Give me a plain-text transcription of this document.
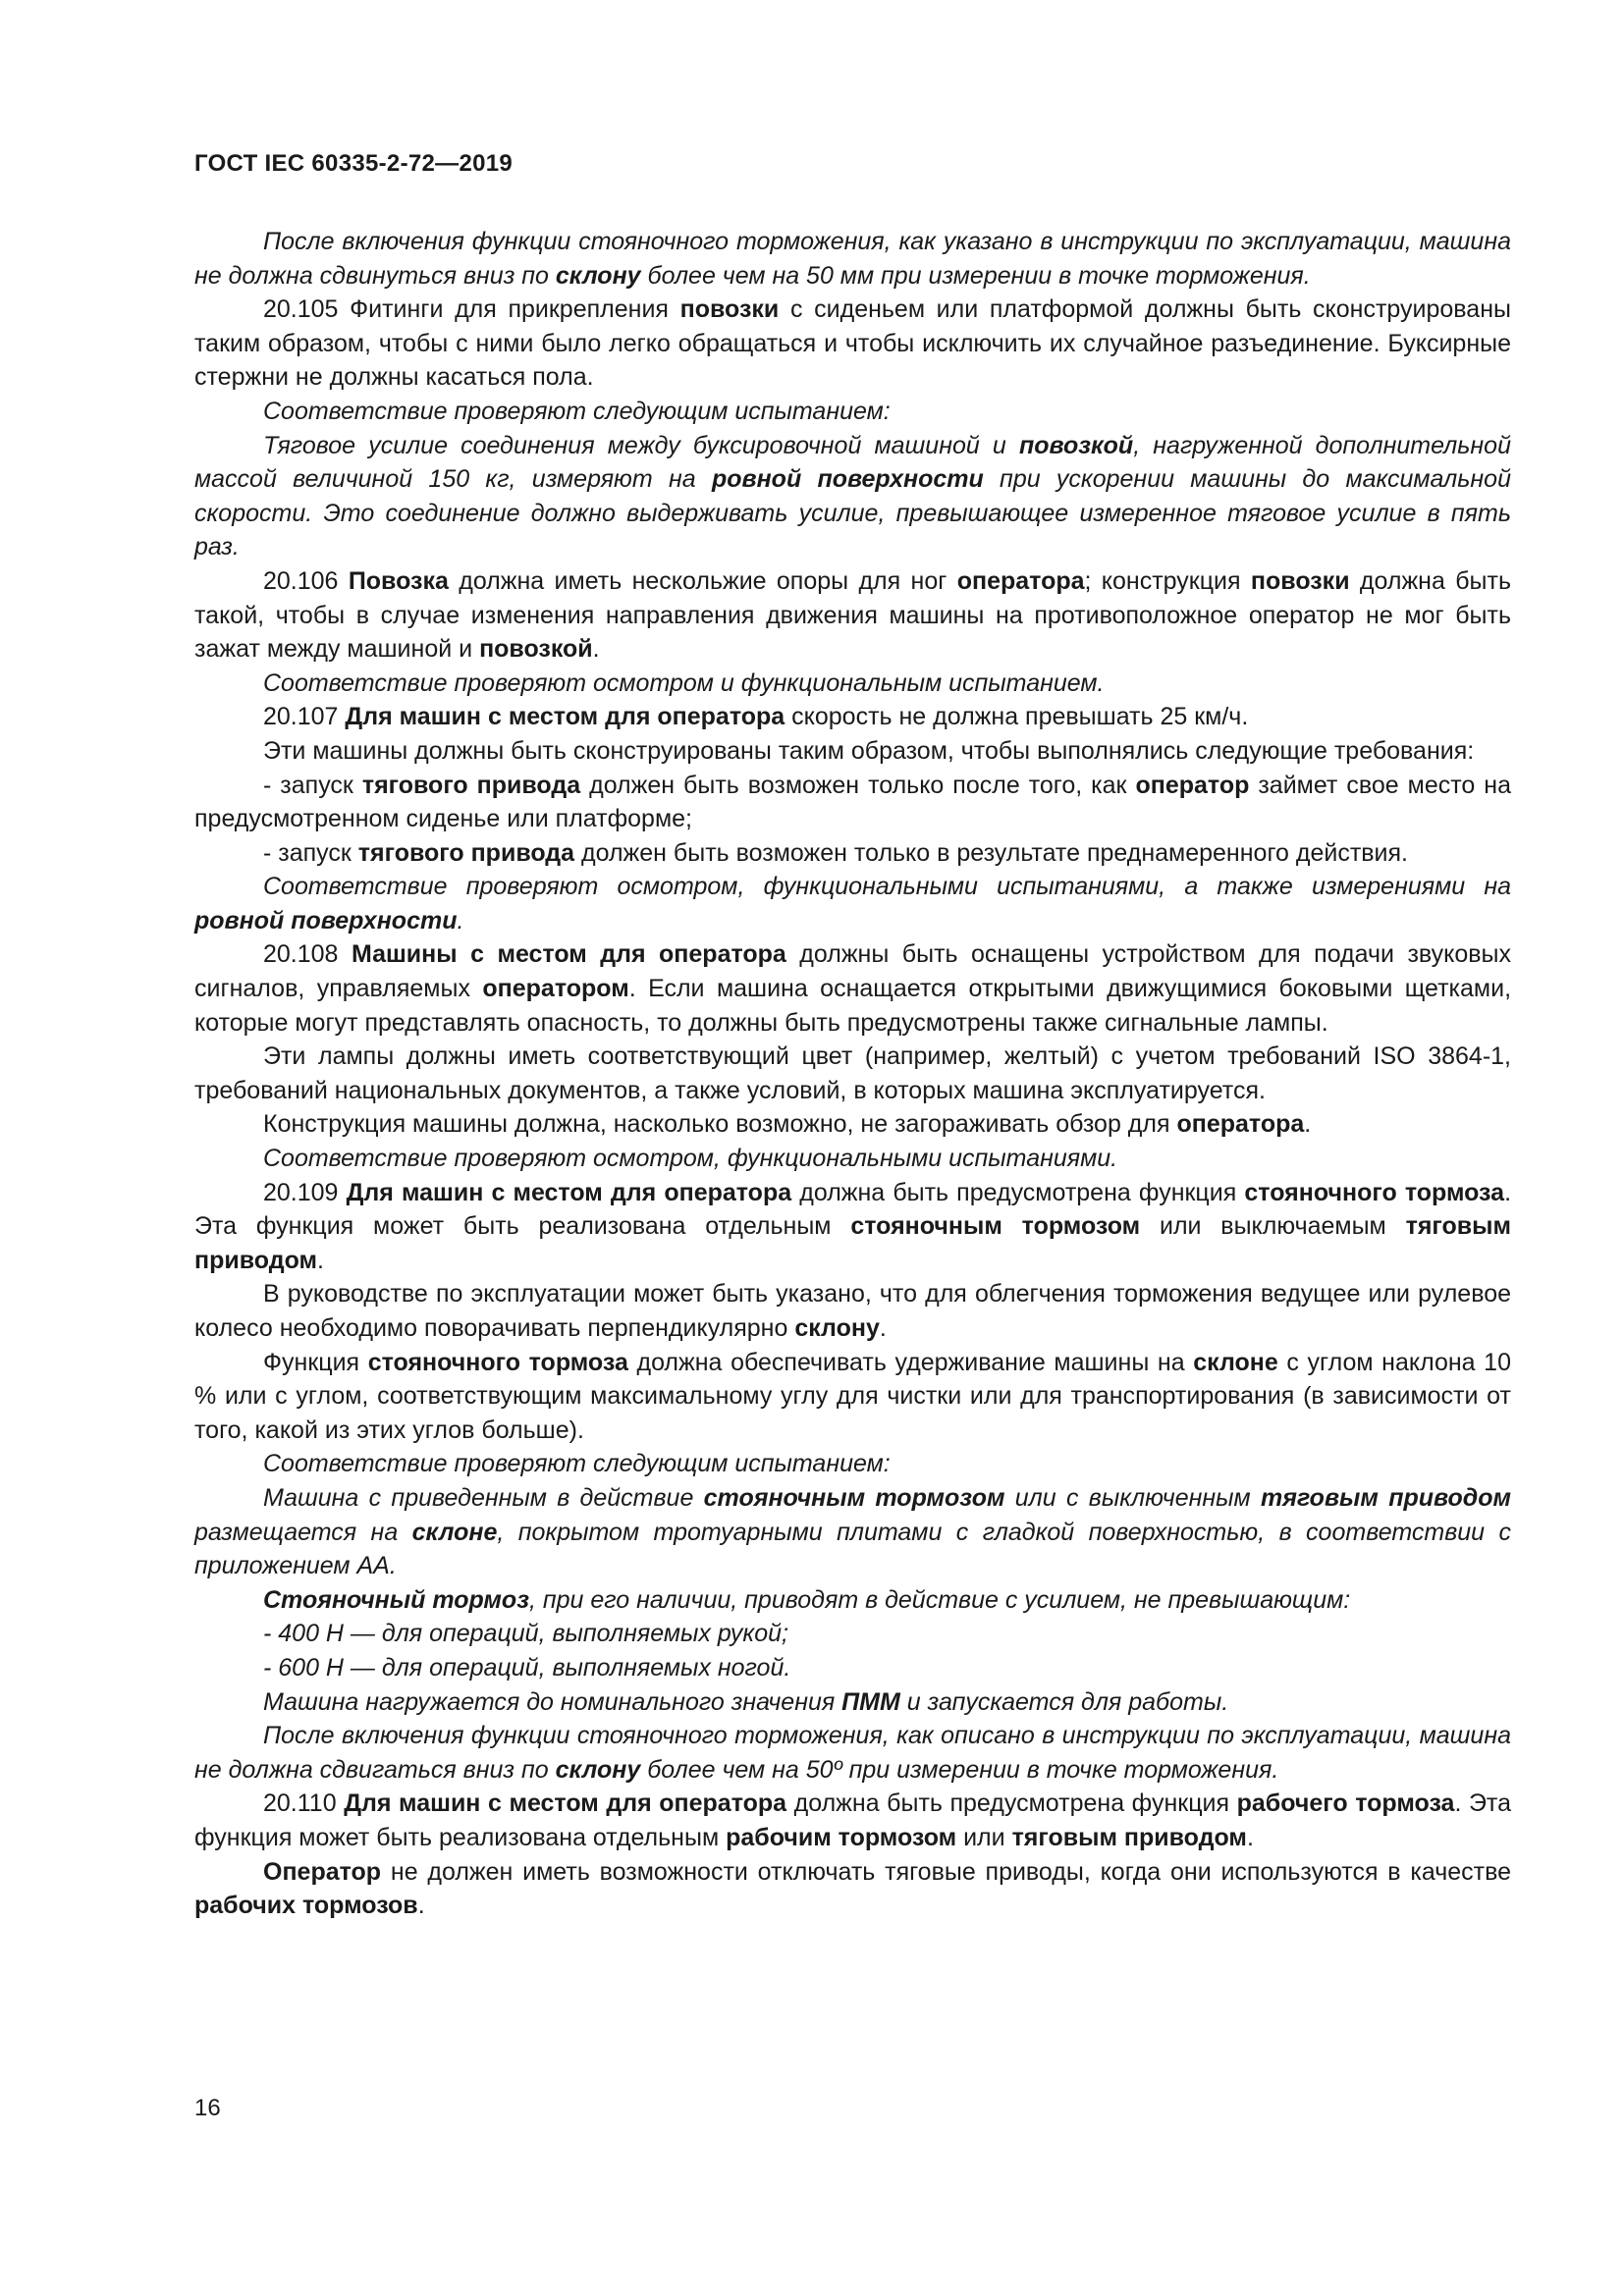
ГОСТ IEC 60335-2-72—2019

После включения функции стояночного торможения, как указано в инструкции по эксплуатации, машина не должна сдвинуться вниз по склону более чем на 50 мм при измерении в точке торможения.

20.105 Фитинги для прикрепления повозки с сиденьем или платформой должны быть сконструированы таким образом, чтобы с ними было легко обращаться и чтобы исключить их случайное разъединение. Буксирные стержни не должны касаться пола.

Соответствие проверяют следующим испытанием:

Тяговое усилие соединения между буксировочной машиной и повозкой, нагруженной дополнительной массой величиной 150 кг, измеряют на ровной поверхности при ускорении машины до максимальной скорости. Это соединение должно выдерживать усилие, превышающее измеренное тяговое усилие в пять раз.

20.106 Повозка должна иметь нескольжие опоры для ног оператора; конструкция повозки должна быть такой, чтобы в случае изменения направления движения машины на противоположное оператор не мог быть зажат между машиной и повозкой.

Соответствие проверяют осмотром и функциональным испытанием.

20.107 Для машин с местом для оператора скорость не должна превышать 25 км/ч.

Эти машины должны быть сконструированы таким образом, чтобы выполнялись следующие требования:

- запуск тягового привода должен быть возможен только после того, как оператор займет свое место на предусмотренном сиденье или платформе;

- запуск тягового привода должен быть возможен только в результате преднамеренного действия.

Соответствие проверяют осмотром, функциональными испытаниями, а также измерениями на ровной поверхности.

20.108 Машины с местом для оператора должны быть оснащены устройством для подачи звуковых сигналов, управляемых оператором. Если машина оснащается открытыми движущимися боковыми щетками, которые могут представлять опасность, то должны быть предусмотрены также сигнальные лампы.

Эти лампы должны иметь соответствующий цвет (например, желтый) с учетом требований ISO 3864-1, требований национальных документов, а также условий, в которых машина эксплуатируется.

Конструкция машины должна, насколько возможно, не загораживать обзор для оператора.

Соответствие проверяют осмотром, функциональными испытаниями.

20.109 Для машин с местом для оператора должна быть предусмотрена функция стояночного тормоза. Эта функция может быть реализована отдельным стояночным тормозом или выключаемым тяговым приводом.

В руководстве по эксплуатации может быть указано, что для облегчения торможения ведущее или рулевое колесо необходимо поворачивать перпендикулярно склону.

Функция стояночного тормоза должна обеспечивать удерживание машины на склоне с углом наклона 10 % или с углом, соответствующим максимальному углу для чистки или для транспортирования (в зависимости от того, какой из этих углов больше).

Соответствие проверяют следующим испытанием:

Машина с приведенным в действие стояночным тормозом или с выключенным тяговым приводом размещается на склоне, покрытом тротуарными плитами с гладкой поверхностью, в соответствии с приложением АА.

Стояночный тормоз, при его наличии, приводят в действие с усилием, не превышающим:

- 400 Н — для операций, выполняемых рукой;

- 600 Н — для операций, выполняемых ногой.

Машина нагружается до номинального значения ПММ и запускается для работы.

После включения функции стояночного торможения, как описано в инструкции по эксплуатации, машина не должна сдвигаться вниз по склону более чем на 50º при измерении в точке торможения.

20.110 Для машин с местом для оператора должна быть предусмотрена функция рабочего тормоза. Эта функция может быть реализована отдельным рабочим тормозом или тяговым приводом.

Оператор не должен иметь возможности отключать тяговые приводы, когда они используются в качестве рабочих тормозов.

16
